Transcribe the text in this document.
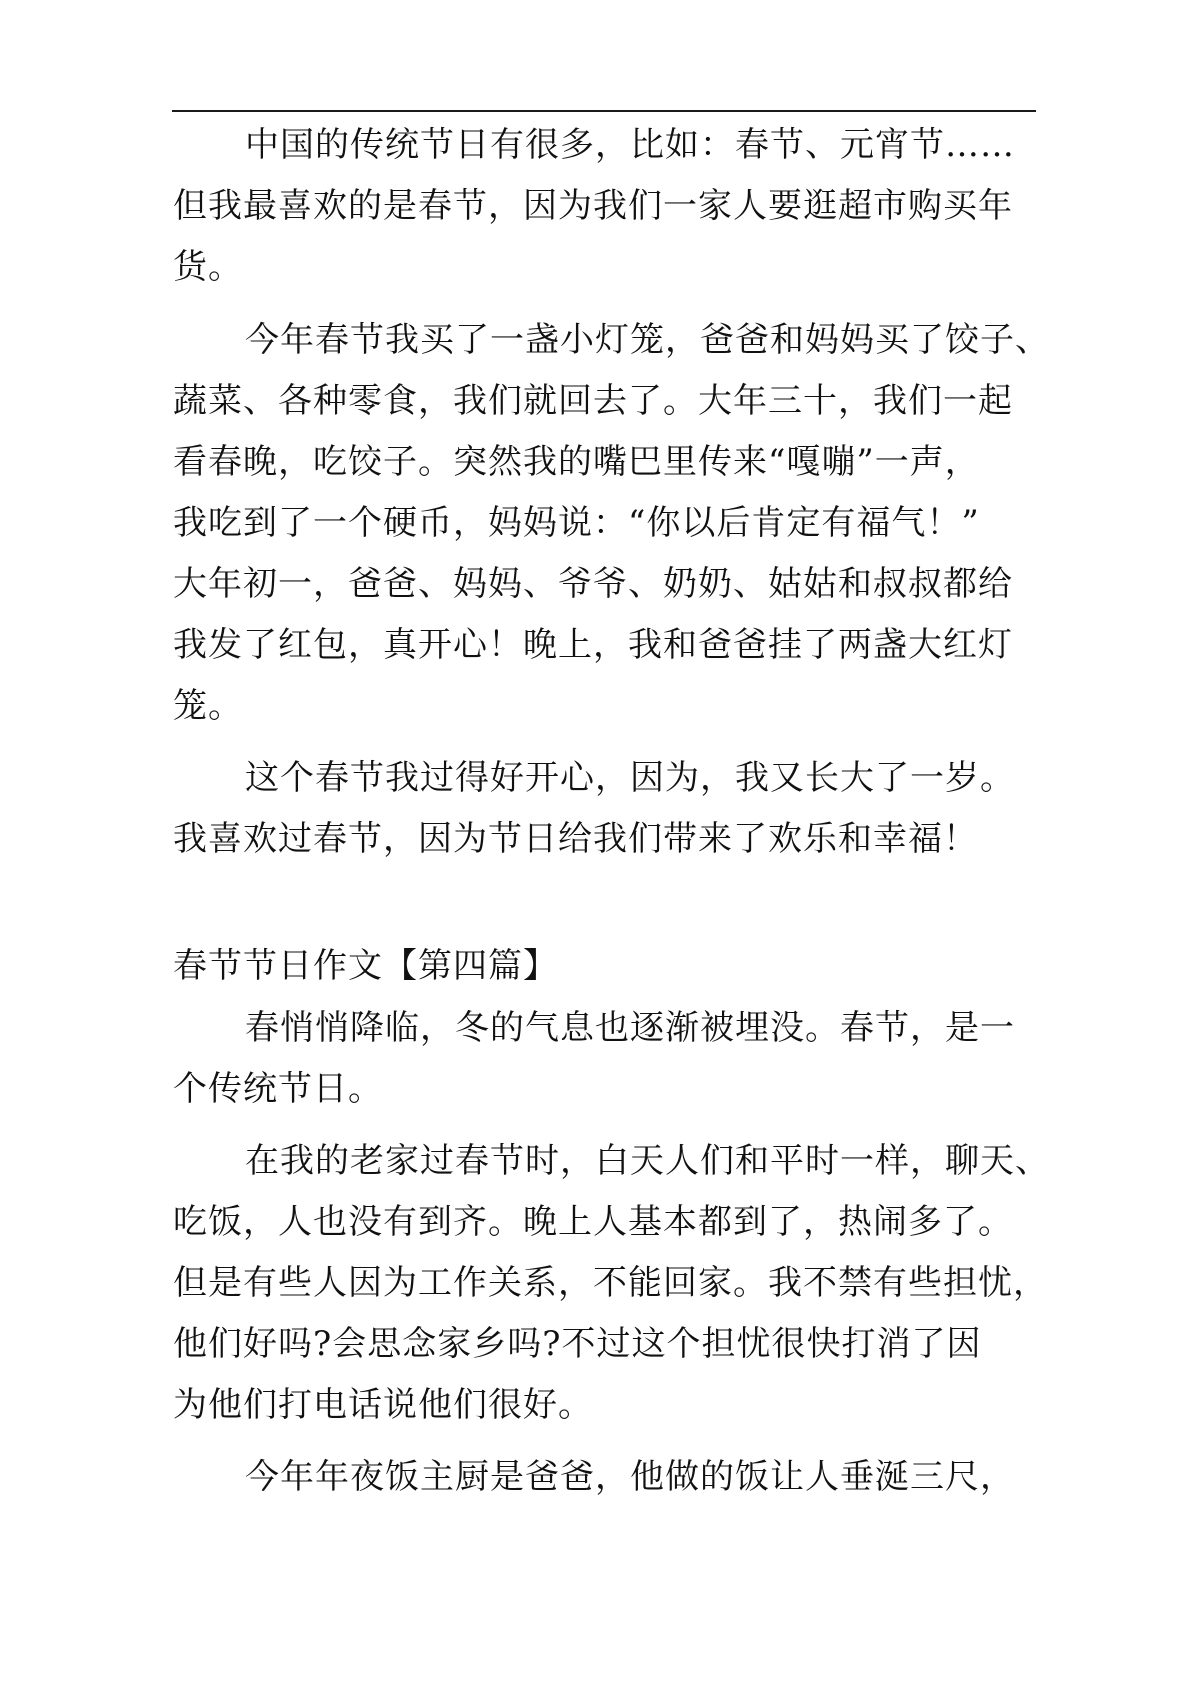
中国的传统节日有很多，比如：春节、元宵节……
但我最喜欢的是春节，因为我们一家人要逛超市购买年
货。
今年春节我买了一盏小灯笼，爸爸和妈妈买了饺子、
蔬菜、各种零食，我们就回去了。大年三十，我们一起
看春晚，吃饺子。突然我的嘴巴里传来“嘎嘣”一声，
我吃到了一个硬币，妈妈说：“你以后肯定有福气！”
大年初一，爸爸、妈妈、爷爷、奶奶、姑姑和叔叔都给
我发了红包，真开心！晚上，我和爸爸挂了两盏大红灯
笼。
这个春节我过得好开心，因为，我又长大了一岁。
我喜欢过春节，因为节日给我们带来了欢乐和幸福！
春节节日作文【第四篇】
春悄悄降临，冬的气息也逐渐被埋没。春节，是一
个传统节日。
在我的老家过春节时，白天人们和平时一样，聊天、
吃饭，人也没有到齐。晚上人基本都到了，热闹多了。
但是有些人因为工作关系，不能回家。我不禁有些担忧，
他们好吗?会思念家乡吗?不过这个担忧很快打消了因
为他们打电话说他们很好。
今年年夜饭主厨是爸爸，他做的饭让人垂涎三尺，
